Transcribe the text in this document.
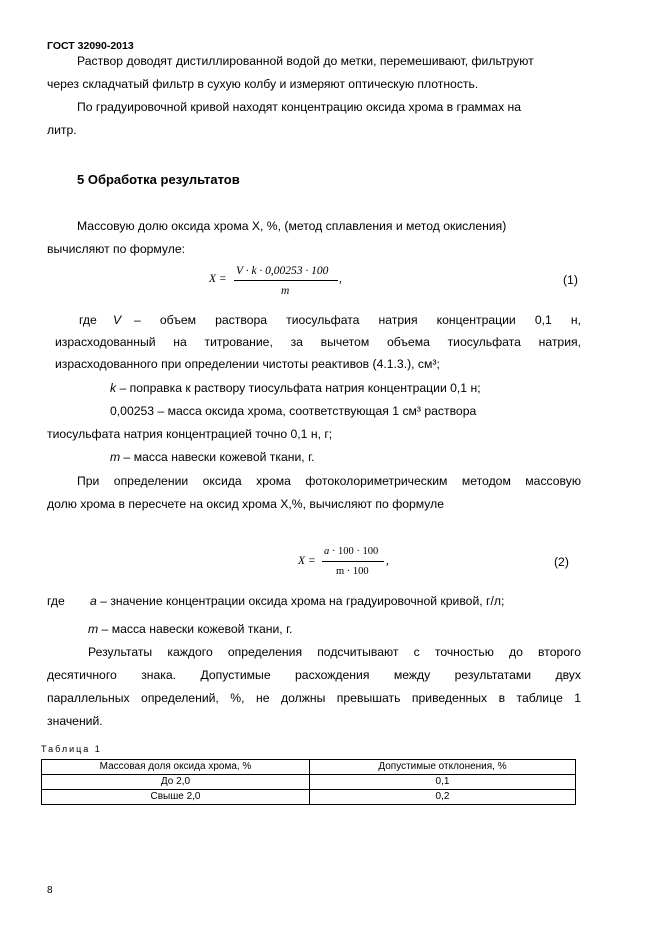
ГОСТ 32090-2013
Раствор доводят дистиллированной водой до метки, перемешивают, фильтруют
через складчатый фильтр в сухую колбу и измеряют оптическую плотность.
По градуировочной кривой находят концентрацию оксида хрома в граммах на
литр.
5 Обработка результатов
Массовую долю оксида хрома Х, %, (метод сплавления и метод окисления)
вычисляют по формуле:
X =
V · k · 0,00253 · 100
m
,	(1)
где V – объем раствора тиосульфата натрия концентрации 0,1 н,
израсходованный на титрование, за вычетом объема тиосульфата натрия,
израсходованного при определении чистоты реактивов (4.1.3.), см³;
k – поправка к раствору тиосульфата натрия концентрации 0,1 н;
0,00253 – масса оксида хрома, соответствующая 1 см³ раствора
тиосульфата натрия концентрацией точно 0,1 н, г;
m – масса навески кожевой ткани, г.
При определении оксида хрома фотоколориметрическим методом массовую
долю хрома в пересчете на оксид хрома Х,%, вычисляют по формуле
X =
a · 100 · 100
m · 100
,	(2)
где a – значение концентрации оксида хрома на градуировочной кривой, г/л;
m – масса навески кожевой ткани, г.
Результаты каждого определения подсчитывают с точностью до второго
десятичного знака. Допустимые расхождения между результатами двух
параллельных определений, %, не должны превышать приведенных в таблице 1
значений.
Таблица 1
Массовая доля оксида хрома, %	Допустимые отклонения, %
До 2,0	0,1
Свыше 2,0	0,2
8
